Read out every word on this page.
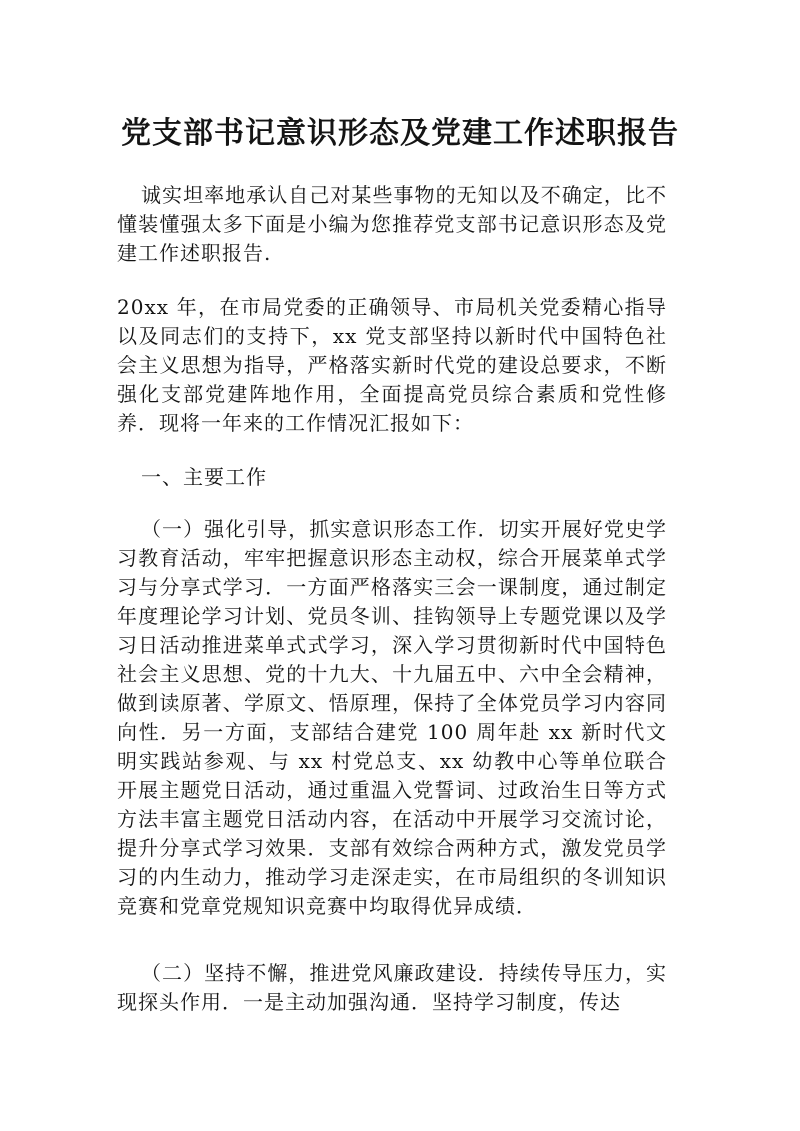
党支部书记意识形态及党建工作述职报告

诚实坦率地承认自己对某些事物的无知以及不确定，比不懂装懂强太多下面是小编为您推荐党支部书记意识形态及党建工作述职报告.

20xx 年，在市局党委的正确领导、市局机关党委精心指导以及同志们的支持下，xx 党支部坚持以新时代中国特色社会主义思想为指导，严格落实新时代党的建设总要求，不断强化支部党建阵地作用，全面提高党员综合素质和党性修养．现将一年来的工作情况汇报如下：

一、主要工作

（一）强化引导，抓实意识形态工作．切实开展好党史学习教育活动，牢牢把握意识形态主动权，综合开展菜单式学习与分享式学习．一方面严格落实三会一课制度，通过制定年度理论学习计划、党员冬训、挂钩领导上专题党课以及学习日活动推进菜单式式学习，深入学习贯彻新时代中国特色社会主义思想、党的十九大、十九届五中、六中全会精神，做到读原著、学原文、悟原理，保持了全体党员学习内容同向性．另一方面，支部结合建党 100 周年赴 xx 新时代文明实践站参观、与 xx 村党总支、xx 幼教中心等单位联合开展主题党日活动，通过重温入党誓词、过政治生日等方式方法丰富主题党日活动内容，在活动中开展学习交流讨论，提升分享式学习效果．支部有效综合两种方式，激发党员学习的内生动力，推动学习走深走实，在市局组织的冬训知识竞赛和党章党规知识竞赛中均取得优异成绩．

（二）坚持不懈，推进党风廉政建设．持续传导压力，实现探头作用．一是主动加强沟通．坚持学习制度，传达
